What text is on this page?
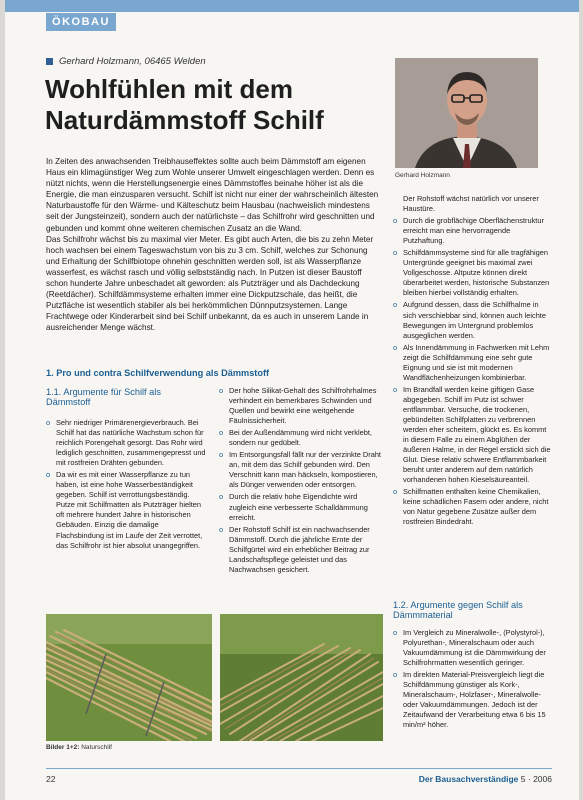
ÖKOBAU
Gerhard Holzmann, 06465 Welden
Wohlfühlen mit dem
Naturdämmstoff Schilf

In Zeiten des anwachsenden Treibhauseffektes sollte auch beim Dämmstoff am eigenen Haus ein klimagünstiger Weg zum Wohle unserer Umwelt eingeschlagen werden. Denn es nützt nichts, wenn die Herstellungsenergie eines Dämmstoffes beinahe höher ist als die Energie, die man einzusparen versucht. Schilf ist nicht nur einer der wahrscheinlich ältesten Naturbaustoffe für den Wärme- und Kälteschutz beim Hausbau (nachweislich mindestens seit der Jungsteinzeit), sondern auch der natürlichste – das Schilfrohr wird geschnitten und gebunden und kommt ohne weiteren chemischen Zusatz an die Wand.

Das Schilfrohr wächst bis zu maximal vier Meter. Es gibt auch Arten, die bis zu zehn Meter hoch wachsen bei einem Tageswachstum von bis zu 3 cm. Schilf, welches zur Schonung und Erhaltung der Schilfbiotope ohnehin geschnitten werden soll, ist als Wasserpflanze wasserfest, es wächst rasch und völlig selbstständig nach. In Putzen ist dieser Baustoff schon hunderte Jahre unbeschadet alt geworden: als Putzträger und als Dachdeckung (Reetdächer). Schilfdämmsysteme erhalten immer eine Dickputzschale, das heißt, die Putzfläche ist wesentlich stabiler als bei herkömmlichen Dünnputzsystemen. Lange Frachtwege oder Kinderarbeit sind bei Schilf unbekannt, da es auch in unserem Lande in ausreichender Menge wächst.

Gerhard Holzmann
1. Pro und contra Schilfverwendung als Dämmstoff
1.1. Argumente für Schilf als Dämmstoff
o Sehr niedriger Primärenergieverbrauch. Bei Schilf hat das natürliche Wachstum schon für reichlich Porengehalt gesorgt. Das Rohr wird lediglich geschnitten, zusammengepresst und mit rostfreien Drähten gebunden.
o Da wir es mit einer Wasserpflanze zu tun haben, ist eine hohe Wasserbeständigkeit gegeben. Schilf ist verrottungsbeständig. Putze mit Schilfmatten als Putzträger hielten oft mehrere hundert Jahre in historischen Gebäuden. Einzig die damalige Flachsbindung ist im Laufe der Zeit verrottet, das Schilfrohr ist hier absolut unangegriffen.
o Der hohe Silikat-Gehalt des Schilfrohrhalmes verhindert ein bemerkbares Schwinden und Quellen und bewirkt eine weitgehende Fäulnissicherheit.
o Bei der Außendämmung wird nicht verklebt, sondern nur gedübelt.
o Im Entsorgungsfall fällt nur der verzinkte Draht an, mit dem das Schilf gebunden wird. Den Verschnitt kann man häckseln, kompostieren, als Dünger verwenden oder entsorgen.
o Durch die relativ hohe Eigendichte wird zugleich eine verbesserte Schalldämmung erreicht.
o Der Rohstoff Schilf ist ein nachwachsender Dämmstoff. Durch die jährliche Ernte der Schilfgürtel wird ein erheblicher Beitrag zur Landschaftspflege geleistet und das Nachwachsen gesichert.

Der Rohstoff wächst natürlich vor unserer Haustüre.

o Durch die grobflächige Oberflächenstruktur erreicht man eine hervorragende Putzhaftung.
o Schilfdämmsysteme sind für alle tragfähigen Untergründe geeignet bis maximal zwei Vollgeschosse. Altputze können direkt überarbeitet werden, historische Substanzen bleiben hierbei vollständig erhalten.
o Aufgrund dessen, dass die Schilfhalme in sich verschiebbar sind, können auch leichte Bewegungen im Untergrund problemlos ausgeglichen werden.
o Als Innendämmung in Fachwerken mit Lehm zeigt die Schilfdämmung eine sehr gute Eignung und sie ist mit modernen Wandflächenheizungen kombinierbar.
o Im Brandfall werden keine giftigen Gase abgegeben. Schilf im Putz ist schwer entflammbar. Versuche, die trockenen, gebündelten Schilfplatten zu verbrennen werden eher scheitern, glückt es. Es kommt in diesem Falle zu einem Abglühen der äußeren Halme, in der Regel erstickt sich die Glut. Diese relativ schwere Entflammbarkeit beruht unter anderem auf dem natürlich vorhandenen hohen Kieselsäureanteil.
o Schilfmatten enthalten keine Chemikalien, keine schädlichen Fasern oder andere, nicht von Natur gegebene Zusätze außer dem rostfreien Bindedraht.
1.2. Argumente gegen Schilf als Dämmmaterial
o Im Vergleich zu Mineralwolle-, (Polystyrol-), Polyurethan-, Mineralschaum oder auch Vakuumdämmung ist die Dämmwirkung der Schilfrohrmatten wesentlich geringer.
o Im direkten Material-Preisvergleich liegt die Schilfdämmung günstiger als Kork-, Mineralschaum-, Holzfaser-, Mineralwolle- oder Vakuumdämmungen. Jedoch ist der Zeitaufwand der Verarbeitung etwa 6 bis 15 min/m² höher.
Bilder 1+2: Naturschilf
22	Der Bausachverständige 5 · 2006
